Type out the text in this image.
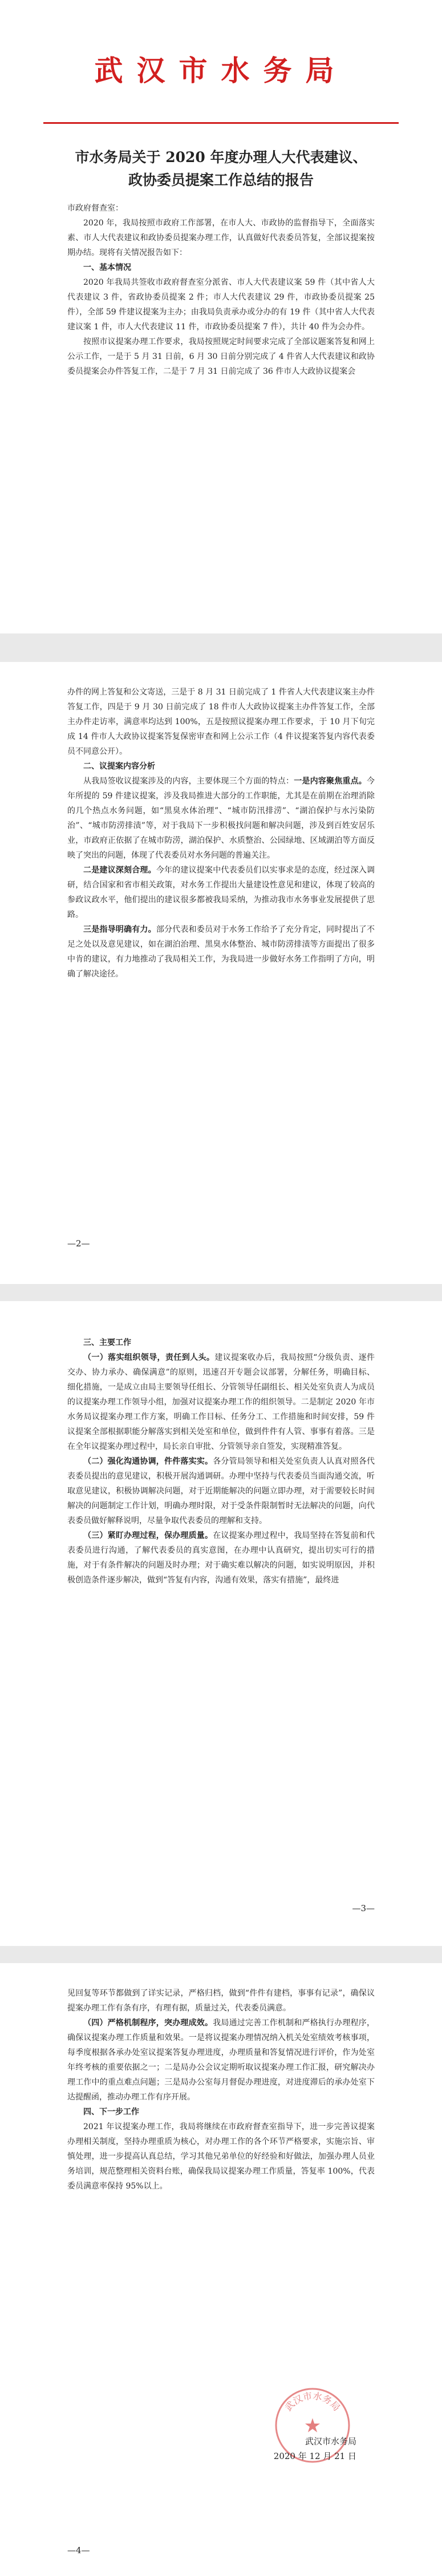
武汉市水务局
市水务局关于 2020 年度办理人大代表建议、
政协委员提案工作总结的报告

市政府督查室：

2020 年，我局按照市政府工作部署，在市人大、市政协的监督指导下，全面落实素、市人大代表建议和政协委员提案办理工作，认真做好代表委员答复，全部议提案按期办结。现将有关情况报告如下：

一、基本情况

2020 年我局共签收市政府督查室分派省、市人大代表建议案 59 件（其中省人大代表建议 3 件，省政协委员提案 2 件；市人大代表建议 29 件，市政协委员提案 25 件），全部 59 件建议提案为主办；由我局负责承办或分办的有 19 件（其中省人大代表建议案 1 件，市人大代表建议 11 件，市政协委员提案 7 件），共计 40 件为会办件。

按照市议提案办理工作要求，我局按照规定时间要求完成了全部议题案答复和网上公示工作，一是于 5 月 31 日前，6 月 30 日前分别完成了 4 件省人大代表建议和政协委员提案会办件答复工作，二是于 7 月 31 日前完成了 36 件市人大政协议提案会

办件的网上答复和公文寄送，三是于 8 月 31 日前完成了 1 件省人大代表建议案主办件答复工作，四是于 9 月 30 日前完成了 18 件市人大政协议提案主办件答复工作，全部主办件走访率，满意率均达到 100%，五是按照议提案办理工作要求，于 10 月下旬完成 14 件市人大政协议提案答复保密审查和网上公示工作（4 件议提案答复内容代表委员不同意公开）。

二、议提案内容分析

从我局签收议提案涉及的内容，主要体现三个方面的特点：一是内容聚焦重点。今年所提的 59 件建议提案，涉及我局推进大部分的工作职能，尤其是在前期在治理消除的几个热点水务问题，如“黑臭水体治理”、“城市防汛排涝”、“湖泊保护与水污染防治”、“城市防涝排渍”等，对于我局下一步积极找问题和解决问题，涉及到百姓安居乐业，市政府正依据了在城市防涝，湖泊保护、水质整治、公园绿地、区域湖泊等方面反映了突出的问题，体现了代表委员对水务问题的普遍关注。

二是建议深刻合理。今年的建议提案中代表委员们以实事求是的态度，经过深入调研，结合国家和省市相关政策，对水务工作提出大量建设性意见和建议，体现了较高的参政议政水平，他们提出的建议很多都被我局采纳，为推动我市水务事业发展提供了思路。

三是指导明确有力。部分代表和委员对于水务工作给予了充分肯定，同时提出了不足之处以及意见建议，如在湖泊治理、黑臭水体整治、城市防涝排渍等方面提出了很多中肯的建议，有力地推动了我局相关工作，为我局进一步做好水务工作指明了方向，明确了解决途径。

—2—

三、主要工作

（一）落实组织领导，责任到人头。建议提案收办后，我局按照“分级负责、逐件交办、协力承办、确保满意”的原则，迅速召开专题会议部署，分解任务，明确目标、细化措施，一是成立由局主要领导任组长、分管领导任副组长、相关处室负责人为成员的议提案办理工作领导小组，加强对议提案办理工作的组织领导。二是制定 2020 年市水务局议提案办理工作方案，明确工作目标、任务分工、工作措施和时间安排，59 件议提案全部根据职能分解落实到相关处室和单位，做到件件有人管、事事有着落。三是在全年议提案办理过程中，局长亲自审批、分管领导亲自签发，实现精准答复。

（二）强化沟通协调，件件落实实。各分管局领导和相关处室负责人认真对照各代表委员提出的意见建议，积极开展沟通调研。办理中坚持与代表委员当面沟通交流，听取意见建议，积极协调解决问题，对于近期能解决的问题立即办理，对于需要较长时间解决的问题制定工作计划，明确办理时限，对于受条件限制暂时无法解决的问题，向代表委员做好解释说明，尽量争取代表委员的理解和支持。

（三）紧盯办理过程，保办理质量。在议提案办理过程中，我局坚持在答复前和代表委员进行沟通，了解代表委员的真实意图，在办理中认真研究，提出切实可行的措施，对于有条件解决的问题及时办理；对于确实难以解决的问题，如实说明原因，并积极创造条件逐步解决，做到“答复有内容，沟通有效果，落实有措施”，最终进

—3—

见回复等环节都做到了详实记录，严格归档，做到“件件有建档，事事有记录”，确保议提案办理工作有条有序，有理有据，质量过关，代表委员满意。

（四）严格机制程序，突办理成效。我局通过完善工作机制和严格执行办理程序，确保议提案办理工作质量和效果。一是将议提案办理情况纳入机关处室绩效考核事项，每季度根据各承办处室议提案答复办理进度，办理质量和答复情况进行评价，作为处室年终考核的重要依据之一；二是局办公会议定期听取议提案办理工作汇报，研究解决办理工作中的重点难点问题；三是局办公室每月督促办理进度，对进度滞后的承办处室下达提醒函，推动办理工作有序开展。

四、下一步工作

2021 年议提案办理工作，我局将继续在市政府督查室指导下，进一步完善议提案办理相关制度，坚持办理重质为核心，对办理工作的各个环节严格要求，实施宗旨、审慎处理，进一步提高认真总结，学习其他兄弟单位的好经验和好做法，加强办理人员业务培训，规范整理相关资料台账，确保我局议提案办理工作质量，答复率 100%，代表委员满意率保持 95%以上。

武汉市水务局
★
武汉市水务局
2020 年 12 月 21 日
—4—
